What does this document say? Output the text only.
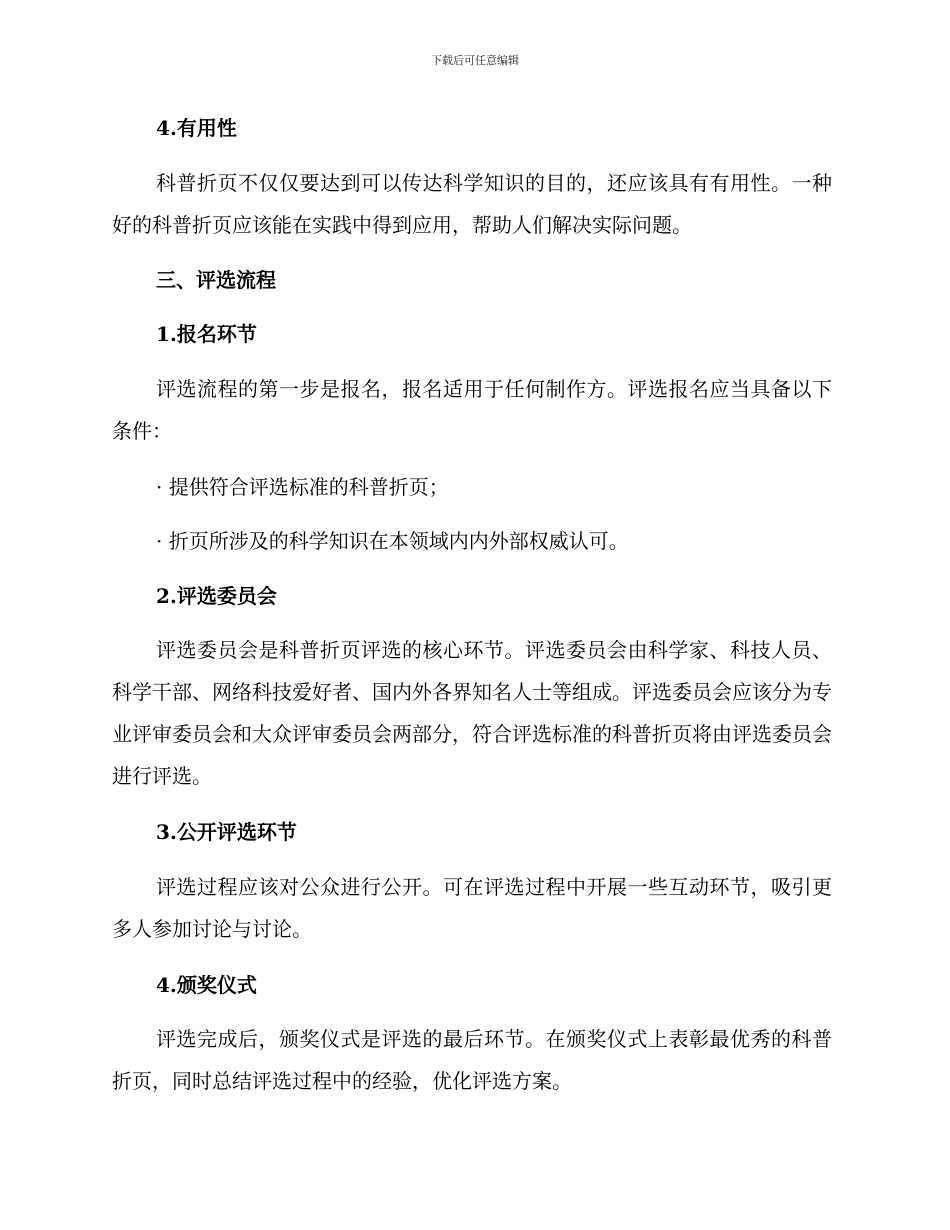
下载后可任意编辑
4.有用性
科普折页不仅仅要达到可以传达科学知识的目的，还应该具有有用性。一种好的科普折页应该能在实践中得到应用，帮助人们解决实际问题。
三、评选流程
1.报名环节
评选流程的第一步是报名，报名适用于任何制作方。评选报名应当具备以下条件：
· 提供符合评选标准的科普折页；
· 折页所涉及的科学知识在本领域内内外部权威认可。
2.评选委员会
评选委员会是科普折页评选的核心环节。评选委员会由科学家、科技人员、科学干部、网络科技爱好者、国内外各界知名人士等组成。评选委员会应该分为专业评审委员会和大众评审委员会两部分，符合评选标准的科普折页将由评选委员会进行评选。
3.公开评选环节
评选过程应该对公众进行公开。可在评选过程中开展一些互动环节，吸引更多人参加讨论与讨论。
4.颁奖仪式
评选完成后，颁奖仪式是评选的最后环节。在颁奖仪式上表彰最优秀的科普折页，同时总结评选过程中的经验，优化评选方案。
